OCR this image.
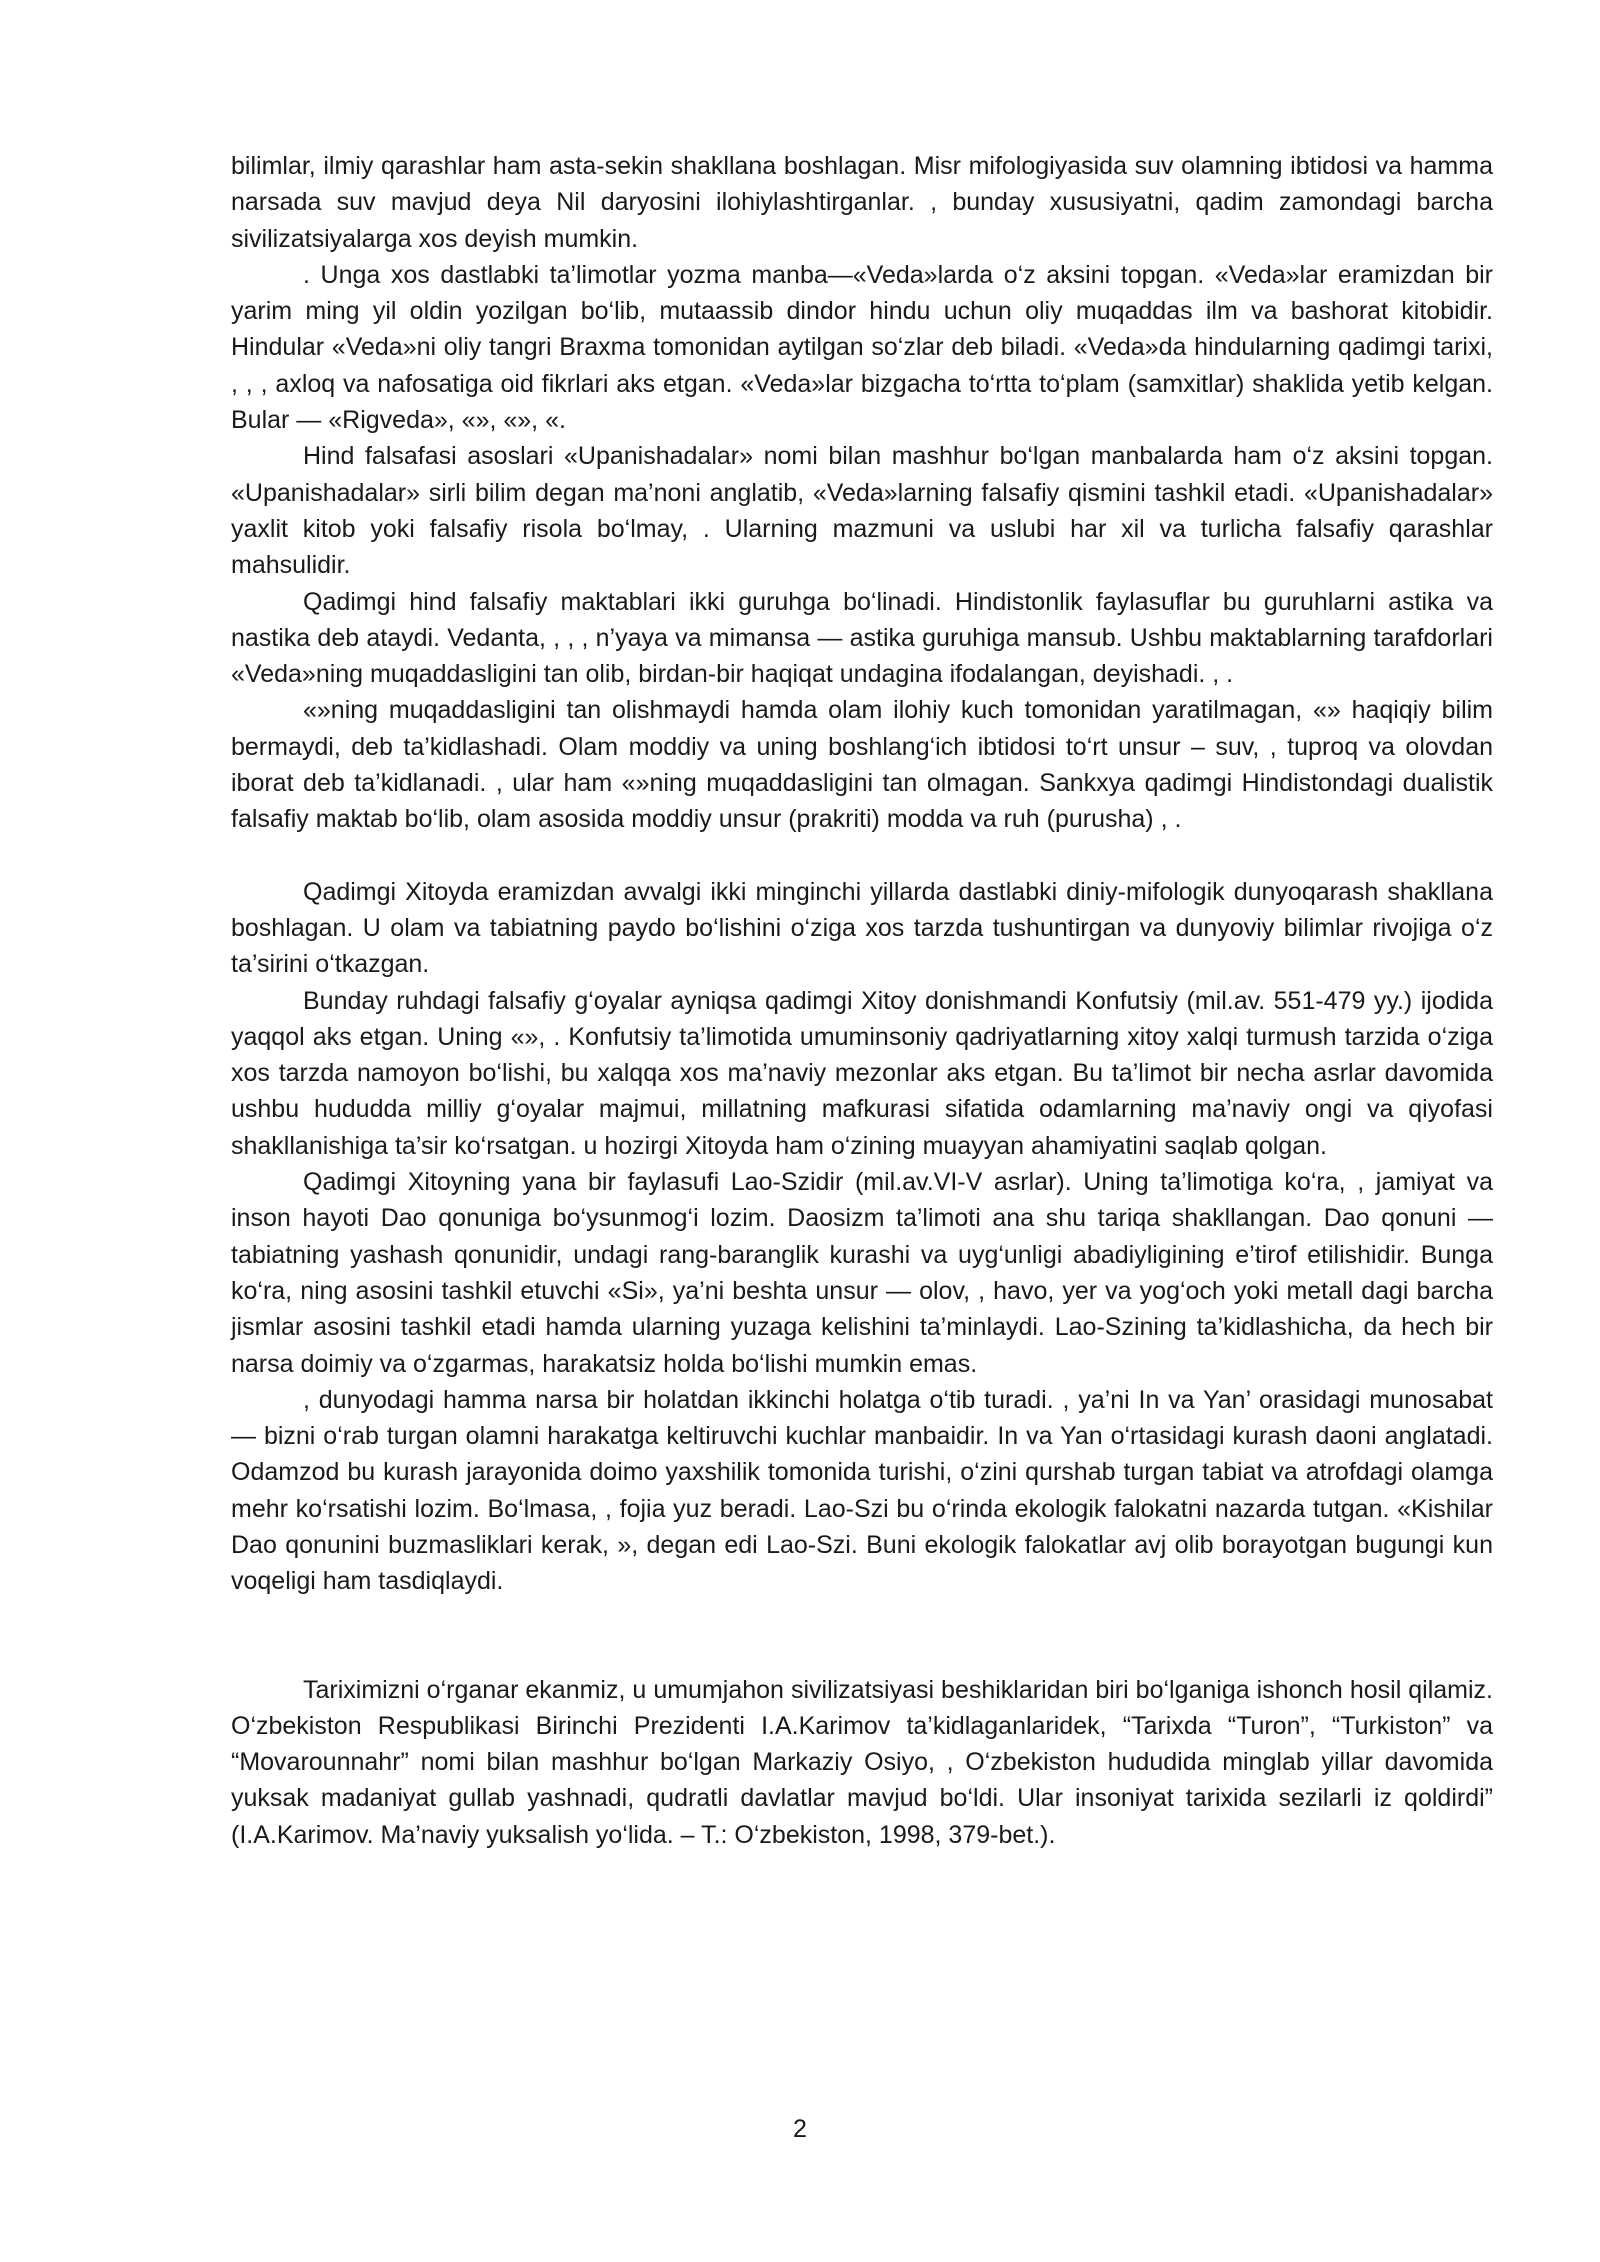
bilimlar, ilmiy qarashlar ham asta-sekin shakllana boshlagan. Misr mifologiyasida suv olamning ibtidosi va hamma narsada suv mavjud deya Nil daryosini ilohiylashtirganlar. , bunday xususiyatni, qadim zamondagi barcha sivilizatsiyalarga xos deyish mumkin.

. Unga xos dastlabki ta’limotlar yozma manba—«Veda»larda o‘z aksini topgan. «Veda»lar eramizdan bir yarim ming yil oldin yozilgan bo‘lib, mutaassib dindor hindu uchun oliy muqaddas ilm va bashorat kitobidir. Hindular «Veda»ni oliy tangri Braxma tomonidan aytilgan so‘zlar deb biladi. «Veda»da hindularning qadimgi tarixi, , , , axloq va nafosatiga oid fikrlari aks etgan. «Veda»lar bizgacha to‘rtta to‘plam (samxitlar) shaklida yetib kelgan. Bular — «Rigveda», «», «», «.

Hind falsafasi asoslari «Upanishadalar» nomi bilan mashhur bo‘lgan manbalarda ham o‘z aksini topgan. «Upanishadalar» sirli bilim degan ma’noni anglatib, «Veda»larning falsafiy qismini tashkil etadi. «Upanishadalar» yaxlit kitob yoki falsafiy risola bo‘lmay, . Ularning mazmuni va uslubi har xil va turlicha falsafiy qarashlar mahsulidir.

Qadimgi hind falsafiy maktablari ikki guruhga bo‘linadi. Hindistonlik faylasuflar bu guruhlarni astika va nastika deb ataydi. Vedanta, , , , n’yaya va mimansa — astika guruhiga mansub. Ushbu maktablarning tarafdorlari «Veda»ning muqaddasligini tan olib, birdan-bir haqiqat undagina ifodalangan, deyishadi. , .

«»ning muqaddasligini tan olishmaydi hamda olam ilohiy kuch tomonidan yaratilmagan, «» haqiqiy bilim bermaydi, deb ta’kidlashadi. Olam moddiy va uning boshlang‘ich ibtidosi to‘rt unsur – suv, , tuproq va olovdan iborat deb ta’kidlanadi. , ular ham «»ning muqaddasligini tan olmagan. Sankxya qadimgi Hindistondagi dualistik falsafiy maktab bo‘lib, olam asosida moddiy unsur (prakriti) modda va ruh (purusha) , .

Qadimgi Xitoyda eramizdan avvalgi ikki minginchi yillarda dastlabki diniy-mifologik dunyoqarash shakllana boshlagan. U olam va tabiatning paydo bo‘lishini o‘ziga xos tarzda tushuntirgan va dunyoviy bilimlar rivojiga o‘z ta’sirini o‘tkazgan.

Bunday ruhdagi falsafiy g‘oyalar ayniqsa qadimgi Xitoy donishmandi Konfutsiy (mil.av. 551-479 yy.) ijodida yaqqol aks etgan. Uning «», . Konfutsiy ta’limotida umuminsoniy qadriyatlarning xitoy xalqi turmush tarzida o‘ziga xos tarzda namoyon bo‘lishi, bu xalqqa xos ma’naviy mezonlar aks etgan. Bu ta’limot bir necha asrlar davomida ushbu hududda milliy g‘oyalar majmui, millatning mafkurasi sifatida odamlarning ma’naviy ongi va qiyofasi shakllanishiga ta’sir ko‘rsatgan. u hozirgi Xitoyda ham o‘zining muayyan ahamiyatini saqlab qolgan.

Qadimgi Xitoyning yana bir faylasufi Lao-Szidir (mil.av.VI-V asrlar). Uning ta’limotiga ko‘ra, , jamiyat va inson hayoti Dao qonuniga bo‘ysunmog‘i lozim. Daosizm ta’limoti ana shu tariqa shakllangan. Dao qonuni — tabiatning yashash qonunidir, undagi rang-baranglik kurashi va uyg‘unligi abadiyligining e’tirof etilishidir. Bunga ko‘ra, ning asosini tashkil etuvchi «Si», ya’ni beshta unsur — olov, , havo, yer va yog‘och yoki metall dagi barcha jismlar asosini tashkil etadi hamda ularning yuzaga kelishini ta’minlaydi. Lao-Szining ta’kidlashicha, da hech bir narsa doimiy va o‘zgarmas, harakatsiz holda bo‘lishi mumkin emas.

, dunyodagi hamma narsa bir holatdan ikkinchi holatga o‘tib turadi. , ya’ni In va Yan’ orasidagi munosabat — bizni o‘rab turgan olamni harakatga keltiruvchi kuchlar manbaidir. In va Yan o‘rtasidagi kurash daoni anglatadi. Odamzod bu kurash jarayonida doimo yaxshilik tomonida turishi, o‘zini qurshab turgan tabiat va atrofdagi olamga mehr ko‘rsatishi lozim. Bo‘lmasa, , fojia yuz beradi. Lao-Szi bu o‘rinda ekologik falokatni nazarda tutgan. «Kishilar Dao qonunini buzmasliklari kerak, », degan edi Lao-Szi. Buni ekologik falokatlar avj olib borayotgan bugungi kun voqeligi ham tasdiqlaydi.

Tariximizni o‘rganar ekanmiz, u umumjahon sivilizatsiyasi beshiklaridan biri bo‘lganiga ishonch hosil qilamiz. O‘zbekiston Respublikasi Birinchi Prezidenti I.A.Karimov ta’kidlaganlaridek, “Tarixda “Turon”, “Turkiston” va “Movarounnahr” nomi bilan mashhur bo‘lgan Markaziy Osiyo, , O‘zbekiston hududida minglab yillar davomida yuksak madaniyat gullab yashnadi, qudratli davlatlar mavjud bo‘ldi. Ular insoniyat tarixida sezilarli iz qoldirdi” (I.A.Karimov. Ma’naviy yuksalish yo‘lida. – T.: O‘zbekiston, 1998, 379-bet.).

2
